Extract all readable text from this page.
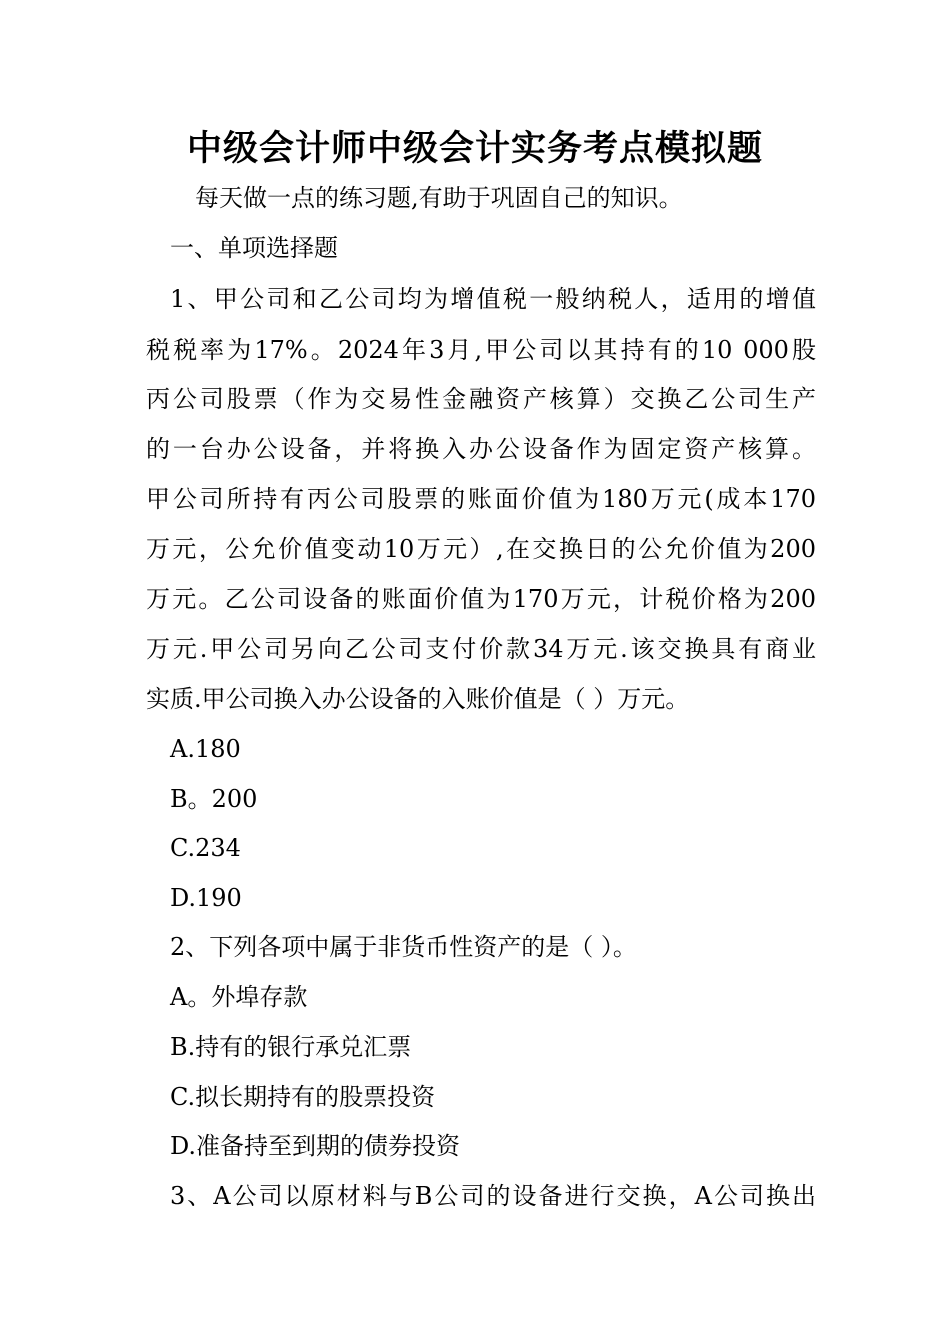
中级会计师中级会计实务考点模拟题

每天做一点的练习题,有助于巩固自己的知识。

一、单项选择题

1、甲公司和乙公司均为增值税一般纳税人，适用的增值

税税率为17%。2024年3月,甲公司以其持有的10 000股

丙公司股票（作为交易性金融资产核算）交换乙公司生产

的一台办公设备，并将换入办公设备作为固定资产核算。

甲公司所持有丙公司股票的账面价值为180万元(成本170

万元，公允价值变动10万元）,在交换日的公允价值为200

万元。乙公司设备的账面价值为170万元，计税价格为200

万元.甲公司另向乙公司支付价款34万元.该交换具有商业

实质.甲公司换入办公设备的入账价值是（ ）万元。

A.180

B。200

C.234

D.190

2、下列各项中属于非货币性资产的是（ ）。

A。外埠存款

B.持有的银行承兑汇票

C.拟长期持有的股票投资

D.准备持至到期的债券投资

3、A公司以原材料与B公司的设备进行交换，A公司换出
